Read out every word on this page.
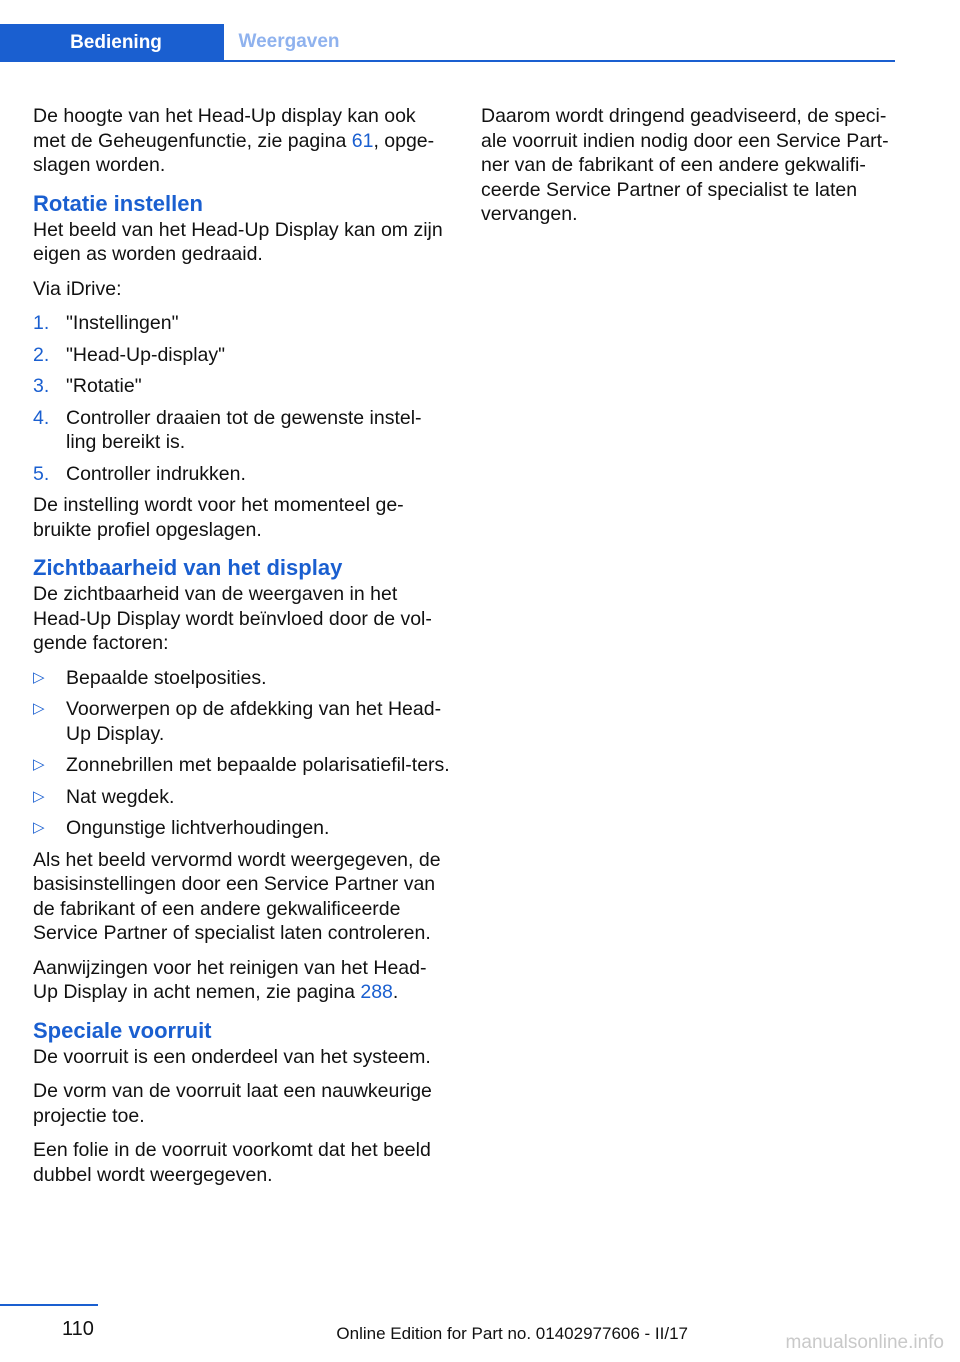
Bediening	Weergaven

De hoogte van het Head-Up display kan ook met de Geheugenfunctie, zie pagina 61, opge‐slagen worden.

Rotatie instellen

Het beeld van het Head-Up Display kan om zijn eigen as worden gedraaid.

Via iDrive:

1. "Instellingen"
2. "Head-Up-display"
3. "Rotatie"
4. Controller draaien tot de gewenste instel‐ling bereikt is.
5. Controller indrukken.

De instelling wordt voor het momenteel ge‐bruikte profiel opgeslagen.

Zichtbaarheid van het display

De zichtbaarheid van de weergaven in het Head-Up Display wordt beïnvloed door de vol‐gende factoren:

▷	Bepaalde stoelposities.
▷	Voorwerpen op de afdekking van het Head-Up Display.
▷	Zonnebrillen met bepaalde polarisatiefil‐ters.
▷	Nat wegdek.
▷	Ongunstige lichtverhoudingen.

Als het beeld vervormd wordt weergegeven, de basisinstellingen door een Service Partner van de fabrikant of een andere gekwalificeerde Service Partner of specialist laten controleren.

Aanwijzingen voor het reinigen van het Head-Up Display in acht nemen, zie pagina 288.

Speciale voorruit

De voorruit is een onderdeel van het systeem.

De vorm van de voorruit laat een nauwkeurige projectie toe.

Een folie in de voorruit voorkomt dat het beeld dubbel wordt weergegeven.

Daarom wordt dringend geadviseerd, de speci‐ale voorruit indien nodig door een Service Part‐ner van de fabrikant of een andere gekwalifi‐ceerde Service Partner of specialist te laten vervangen.

110	Online Edition for Part no. 01402977606 - II/17	manualsonline.info
